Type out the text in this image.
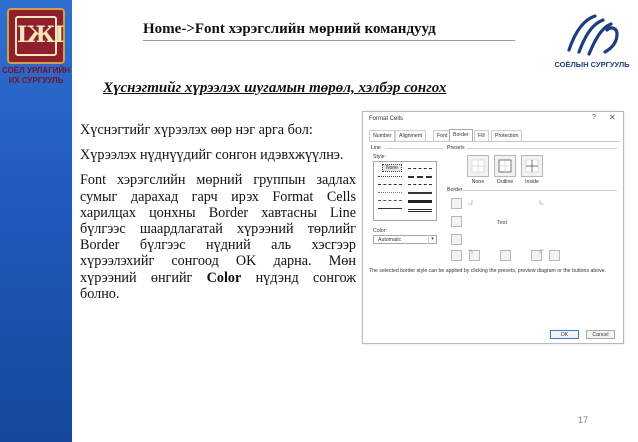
IЖI
СОЁЛ УРЛАГИЙН
ИХ СУРГУУЛЬ
Home->Font хэрэгслийн мөрний командууд
СОЁЛЫН СУРГУУЛЬ
Хүснэгтийг хүрээлэх шугамын төрөл, хэлбэр сонгох

Хүснэгтийг хүрээлэх өөр нэг арга бол:

Хүрээлэх нүднүүдийг сонгон идэвхжүүлнэ.

Font хэрэгслийн мөрний группын задлах сумыг дарахад гарч ирэх Format Cells харилцах цонхны Border хавтасны Line бүлгээс шаардлагатай хүрээний төрлийг Border бүлгээс нүдний аль хэсгээр хүрээлэхийг сонгоод OK дарна. Мөн хүрээний өнгийг Color нүдэнд сонгож болно.

Format Cells	? ✕
Number	Alignment	Font	Border	Fill	Protection
Line
Style:
None
Color:
Automatic	▾
Presets
None	Outline	Inside
Border
Text
The selected border style can be applied by clicking the presets, preview diagram or the buttons above.
OK	Cancel
17
